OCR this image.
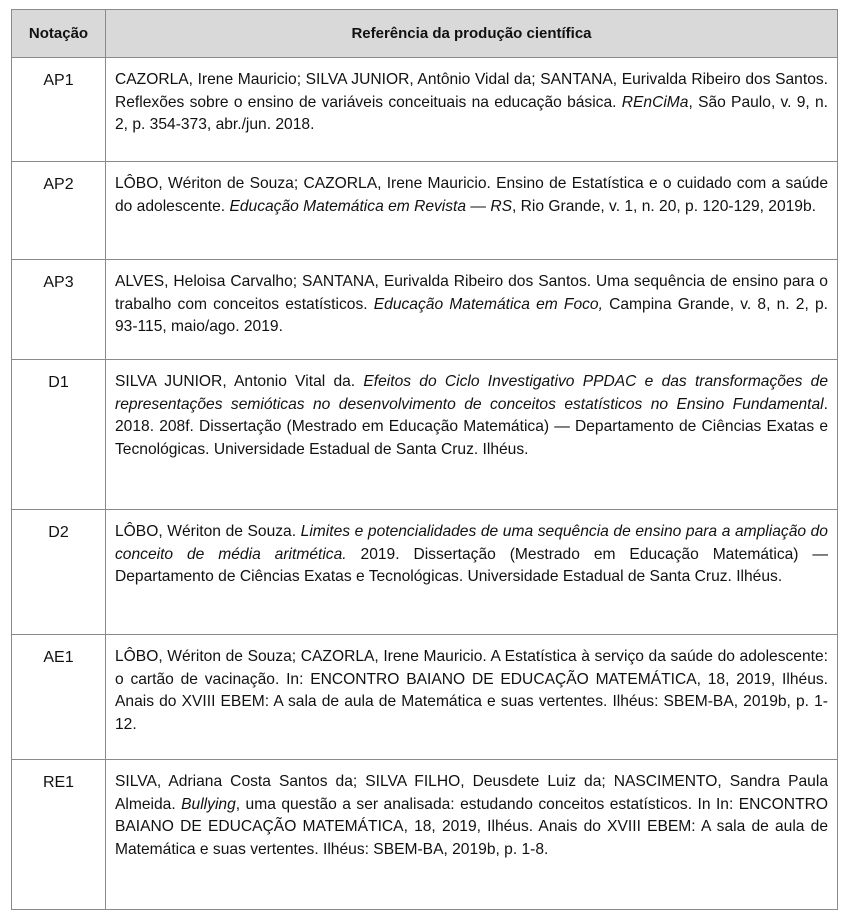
Notação	Referência da produção científica
AP1	CAZORLA, Irene Mauricio; SILVA JUNIOR, Antônio Vidal da; SANTANA, Eurivalda Ribeiro dos Santos. Reflexões sobre o ensino de variáveis conceituais na educação básica. REnCiMa, São Paulo, v. 9, n. 2, p. 354-373, abr./jun. 2018.
AP2	LÔBO, Wériton de Souza; CAZORLA, Irene Mauricio. Ensino de Estatística e o cuidado com a saúde do adolescente. Educação Matemática em Revista — RS, Rio Grande, v. 1, n. 20, p. 120-129, 2019b.
AP3	ALVES, Heloisa Carvalho; SANTANA, Eurivalda Ribeiro dos Santos. Uma sequência de ensino para o trabalho com conceitos estatísticos. Educação Matemática em Foco, Campina Grande, v. 8, n. 2, p. 93-115, maio/ago. 2019.
D1	SILVA JUNIOR, Antonio Vital da. Efeitos do Ciclo Investigativo PPDAC e das transformações de representações semióticas no desenvolvimento de conceitos estatísticos no Ensino Fundamental. 2018. 208f. Dissertação (Mestrado em Educação Matemática) — Departamento de Ciências Exatas e Tecnológicas. Universidade Estadual de Santa Cruz. Ilhéus.
D2	LÔBO, Wériton de Souza. Limites e potencialidades de uma sequência de ensino para a ampliação do conceito de média aritmética. 2019. Dissertação (Mestrado em Educação Matemática) — Departamento de Ciências Exatas e Tecnológicas. Universidade Estadual de Santa Cruz. Ilhéus.
AE1	LÔBO, Wériton de Souza; CAZORLA, Irene Mauricio. A Estatística à serviço da saúde do adolescente: o cartão de vacinação. In: ENCONTRO BAIANO DE EDUCAÇÃO MATEMÁTICA, 18, 2019, Ilhéus. Anais do XVIII EBEM: A sala de aula de Matemática e suas vertentes. Ilhéus: SBEM-BA, 2019b, p. 1-12.
RE1	SILVA, Adriana Costa Santos da; SILVA FILHO, Deusdete Luiz da; NASCIMENTO, Sandra Paula Almeida. Bullying, uma questão a ser analisada: estudando conceitos estatísticos. In In: ENCONTRO BAIANO DE EDUCAÇÃO MATEMÁTICA, 18, 2019, Ilhéus. Anais do XVIII EBEM: A sala de aula de Matemática e suas vertentes. Ilhéus: SBEM-BA, 2019b, p. 1-8.
